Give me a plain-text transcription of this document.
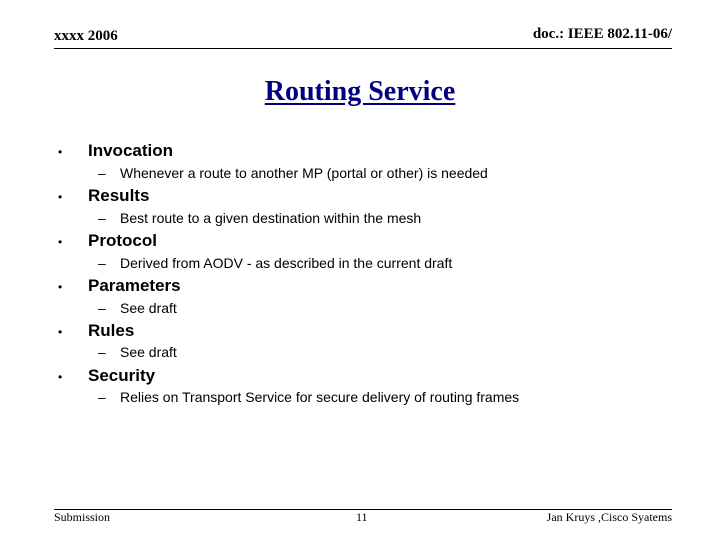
xxxx 2006	doc.: IEEE 802.11-06/
Routing Service
• Invocation
– Whenever a route to another MP (portal or other) is needed
• Results
– Best route to a given destination within the mesh
• Protocol
– Derived from AODV - as described in the current draft
• Parameters
– See draft
• Rules
– See draft
• Security
– Relies on Transport Service for secure delivery of routing frames
Submission	11	Jan Kruys ,Cisco Syatems
